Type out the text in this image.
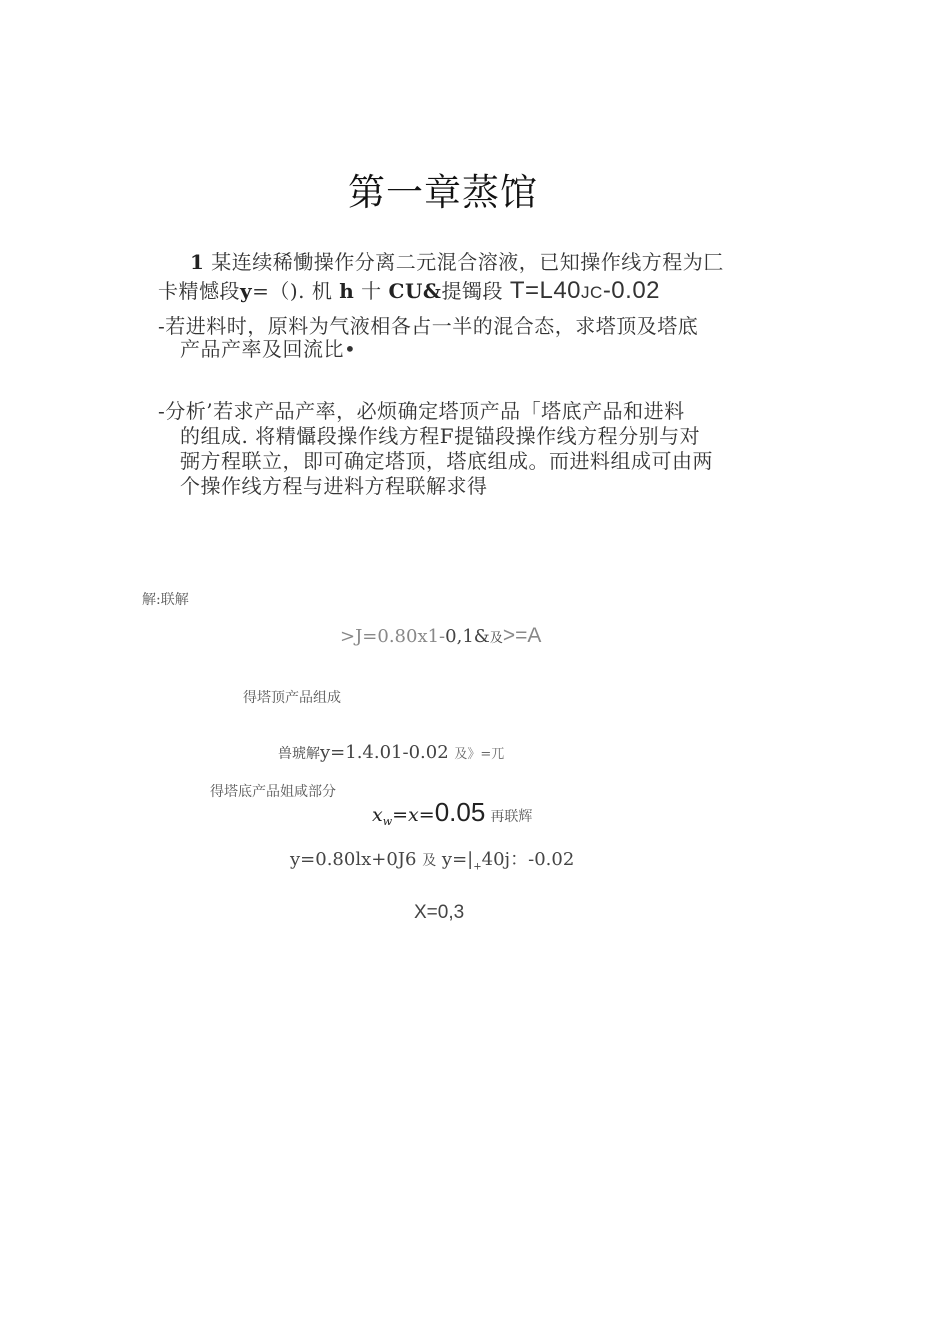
第一章蒸馆
1 某连续稀慟操作分离二元混合溶液，已知操作线方程为匚
卡精憾段y=（). 机 h 十 CU&提镯段 T=L40JC-0.02
-若进料时，原料为气液相各占一半的混合态，求塔顶及塔底
产品产率及回流比•
-分析’若求产品产率，必烦确定塔顶产品「塔底产品和进料
的组成. 将精懾段操作线方程F提锚段操作线方程分别与对
弼方程联立，即可确定塔顶，塔底组成。而进料组成可由两
个操作线方程与进料方程联解求得
解:联解
>J=0.80x1-0,1&及>=A
得塔顶产品组成
兽琥解y=1.4.01-0.02 及》=兀
得塔底产品姐咸部分
$x_w=x=0.05$ 再联辉
y=0.80lx+0J6 及 $y=|_+40j$：-0.02
X=0,3
